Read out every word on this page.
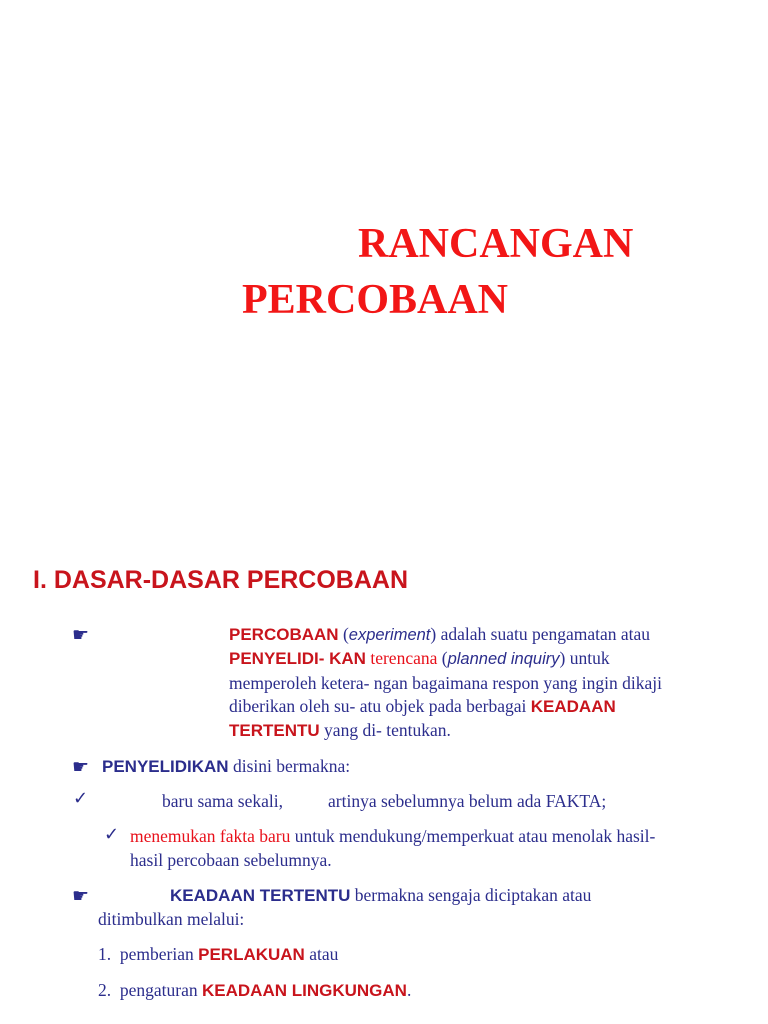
RANCANGAN
PERCOBAAN
I. DASAR-DASAR PERCOBAAN
☛	PERCOBAAN (experiment) adalah suatu pengamatan atau
PENYELIDI- KAN terencana (planned inquiry) untuk
memperoleh ketera- ngan bagaimana respon yang ingin dikaji
diberikan oleh su- atu objek pada berbagai KEADAAN
TERTENTU yang di- tentukan.
☛ PENYELIDIKAN disini bermakna:
✓	baru sama sekali,	artinya sebelumnya belum ada FAKTA;
✓ menemukan fakta baru untuk mendukung/memperkuat atau menolak hasil-
hasil percobaan sebelumnya.
☛	KEADAAN TERTENTU bermakna sengaja diciptakan atau
ditimbulkan melalui:
1. pemberian PERLAKUAN atau
2. pengaturan KEADAAN LINGKUNGAN.
